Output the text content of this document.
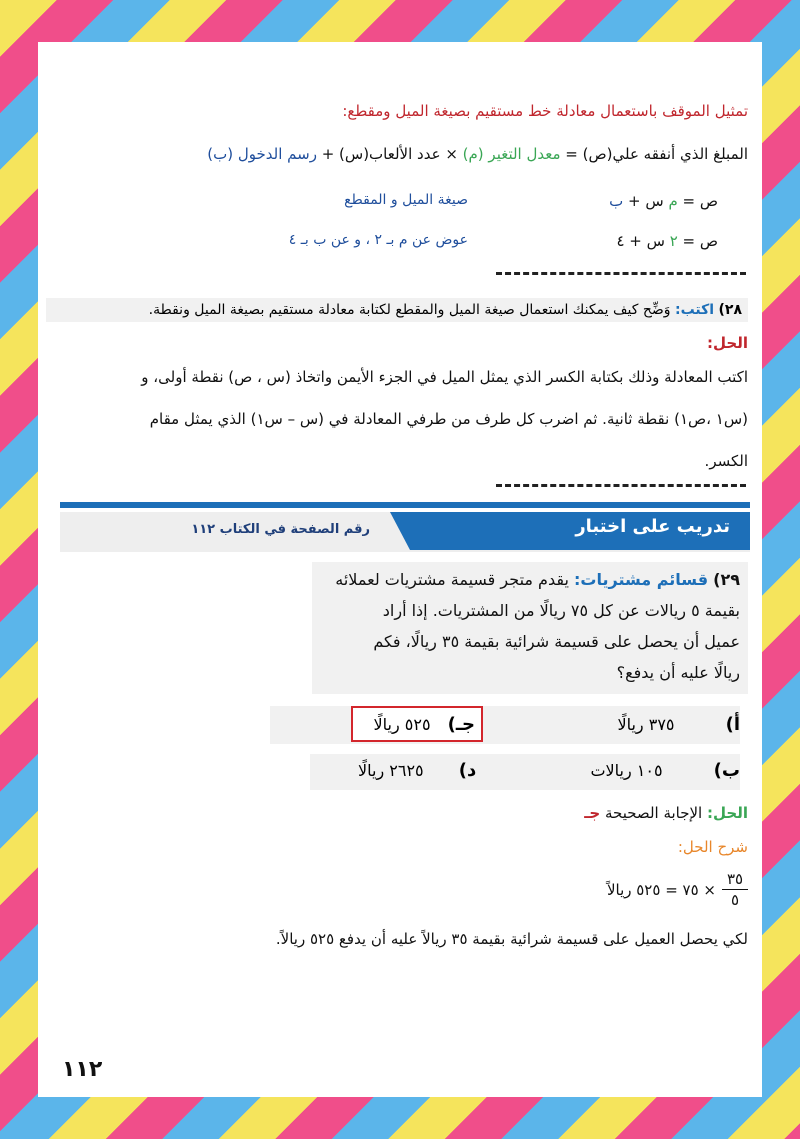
تمثيل الموقف باستعمال معادلة خط مستقيم بصيغة الميل ومقطع:
المبلغ الذي أنفقه علي(ص) = معدل التغير (م) × عدد الألعاب(س) + رسم الدخول (ب)
ص = م س + ب
صيغة الميل و المقطع
ص = ٢ س + ٤
عوض عن م بـ ٢ ، و عن ب بـ ٤
٢٨) اكتب: وَضِّح كيف يمكنك استعمال صيغة الميل والمقطع لكتابة معادلة مستقيم بصيغة الميل ونقطة.
الحل:
اكتب المعادلة وذلك بكتابة الكسر الذي يمثل الميل في الجزء الأيمن واتخاذ (س ، ص) نقطة أولى، و
(س١ ،ص١) نقطة ثانية. ثم اضرب كل طرف من طرفي المعادلة في (س – س١) الذي يمثل مقام
الكسر.
تدريب على اختبار
رقم الصفحة في الكتاب ١١٢
٢٩) قسائم مشتريات: يقدم متجر قسيمة مشتريات لعملائه
بقيمة ٥ ريالات عن كل ٧٥ ريالًا من المشتريات. إذا أراد
عميل أن يحصل على قسيمة شرائية بقيمة ٣٥ ريالًا، فكم
ريالًا عليه أن يدفع؟
أ) ٣٧٥ ريالًا
جـ) ٥٢٥ ريالًا
ب) ١٠٥ ريالات
د) ٢٦٢٥ ريالًا
الحل: الإجابة الصحيحة جـ
شرح الحل:
٣٥
٥
× ٧٥ = ٥٢٥ ريالاً
لكي يحصل العميل على قسيمة شرائية بقيمة ٣٥ ريالاً عليه أن يدفع ٥٢٥ ريالاً.
١١٢
